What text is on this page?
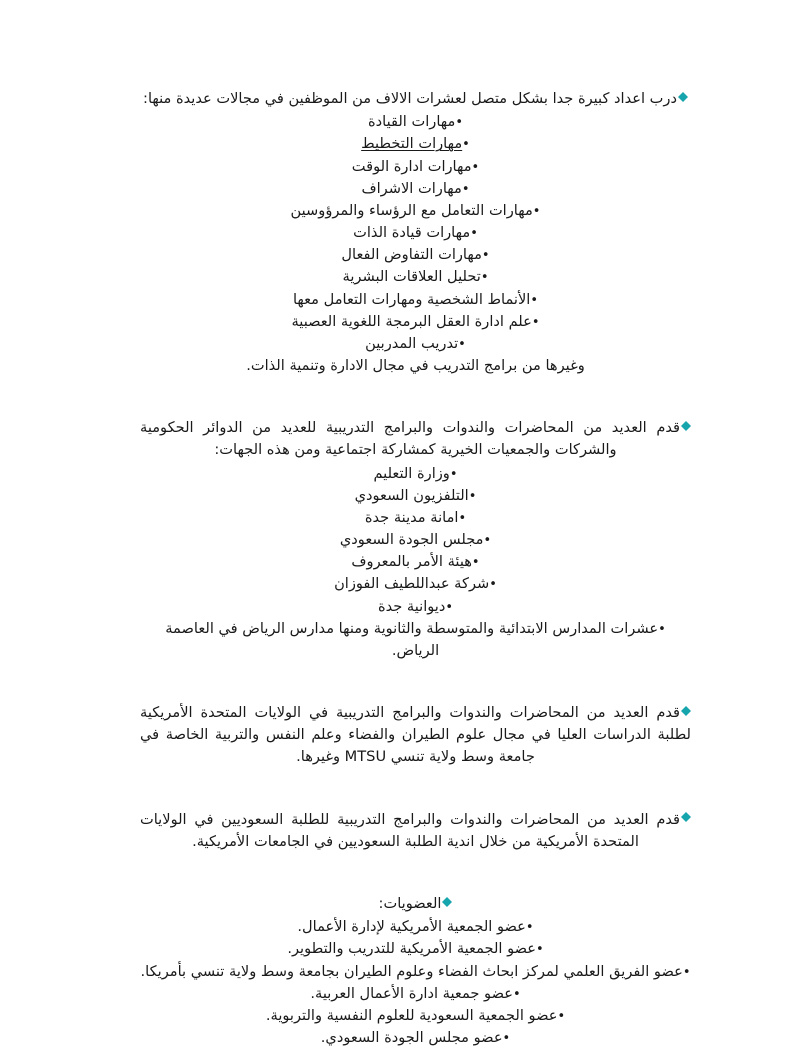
درب اعداد كبيرة جدا بشكل متصل لعشرات الالاف من الموظفين في مجالات عديدة منها:

•مهارات القيادة
•مهارات التخطيط
•مهارات ادارة الوقت
•مهارات الاشراف
•مهارات التعامل مع الرؤساء والمرؤوسين
•مهارات قيادة الذات
•مهارات التفاوض الفعال
•تحليل العلاقات البشرية
•الأنماط الشخصية ومهارات التعامل معها
•علم ادارة العقل البرمجة اللغوية العصبية
•تدريب المدربين
وغيرها من برامج التدريب في مجال الادارة وتنمية الذات.

قدم العديد من المحاضرات والندوات والبرامج التدريبية للعديد من الدوائر الحكومية والشركات والجمعيات الخيرية كمشاركة اجتماعية ومن هذه الجهات:

•وزارة التعليم
•التلفزيون السعودي
•امانة مدينة جدة
•مجلس الجودة السعودي
•هيئة الأمر بالمعروف
•شركة عبداللطيف الفوزان
•ديوانية جدة
•عشرات المدارس الابتدائية والمتوسطة والثانوية ومنها مدارس الرياض في العاصمة الرياض.

قدم العديد من المحاضرات والندوات والبرامج التدريبية في الولايات المتحدة الأمريكية لطلبة الدراسات العليا في مجال علوم الطيران والفضاء وعلم النفس والتربية الخاصة في جامعة وسط ولاية تنسي MTSU وغيرها.

قدم العديد من المحاضرات والندوات والبرامج التدريبية للطلبة السعوديين في الولايات المتحدة الأمريكية من خلال اندية الطلبة السعوديين في الجامعات الأمريكية.

العضويات:

•عضو الجمعية الأمريكية لإدارة الأعمال.
•عضو الجمعية الأمريكية للتدريب والتطوير.
•عضو الفريق العلمي لمركز ابحاث الفضاء وعلوم الطيران بجامعة وسط ولاية تنسي بأمريكا.
•عضو جمعية ادارة الأعمال العربية.
•عضو الجمعية السعودية للعلوم النفسية والتربوية.
•عضو مجلس الجودة السعودي.
